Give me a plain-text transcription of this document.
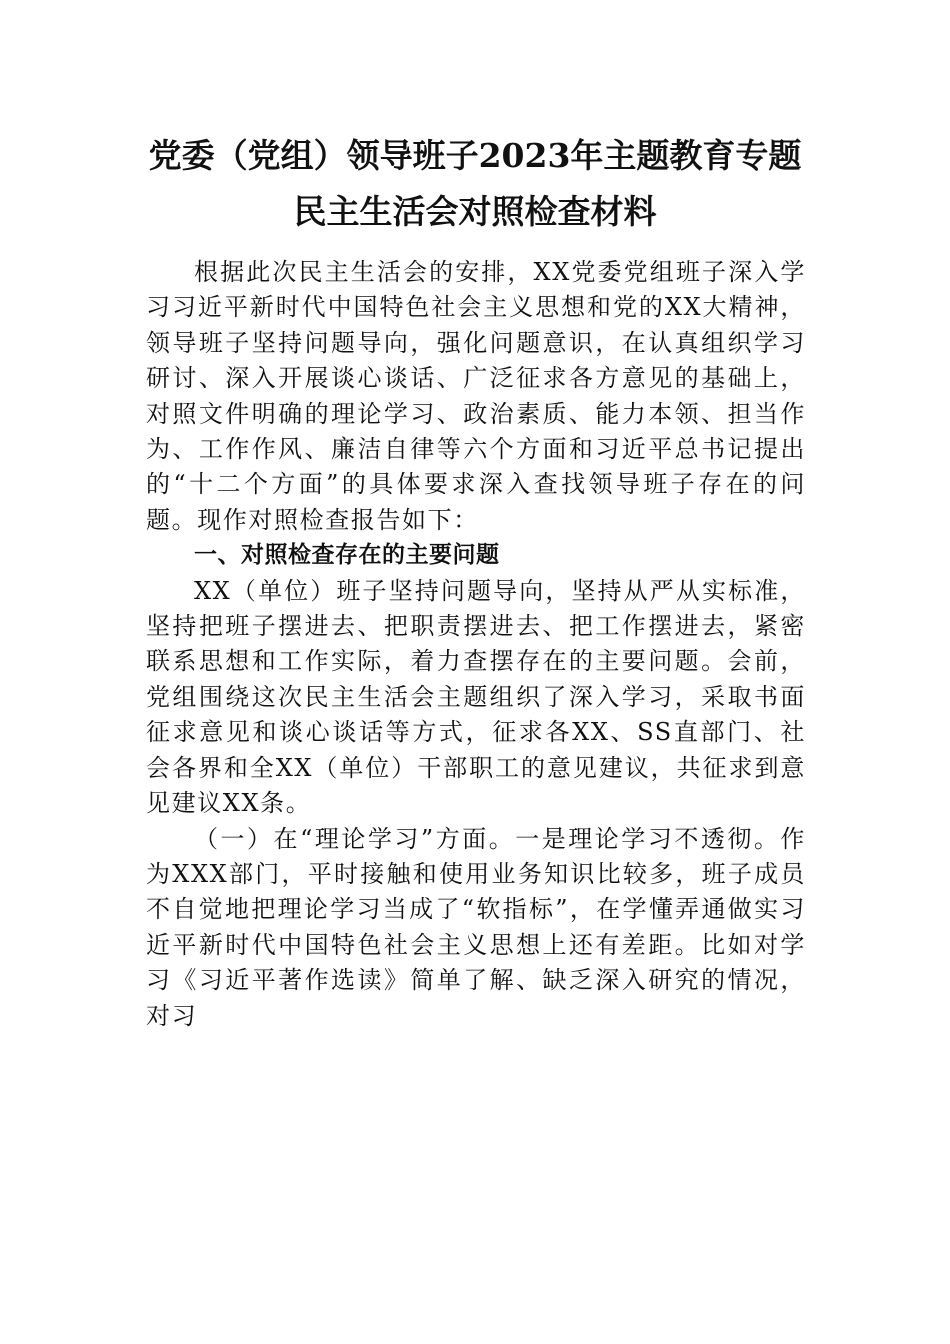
党委（党组）领导班子2023年主题教育专题民主生活会对照检查材料

根据此次民主生活会的安排，XX党委党组班子深入学习习近平新时代中国特色社会主义思想和党的XX大精神，领导班子坚持问题导向，强化问题意识，在认真组织学习研讨、深入开展谈心谈话、广泛征求各方意见的基础上，对照文件明确的理论学习、政治素质、能力本领、担当作为、工作作风、廉洁自律等六个方面和习近平总书记提出的“十二个方面”的具体要求深入查找领导班子存在的问题。现作对照检查报告如下：

一、对照检查存在的主要问题

XX（单位）班子坚持问题导向，坚持从严从实标准，坚持把班子摆进去、把职责摆进去、把工作摆进去，紧密联系思想和工作实际，着力查摆存在的主要问题。会前，党组围绕这次民主生活会主题组织了深入学习，采取书面征求意见和谈心谈话等方式，征求各XX、SS直部门、社会各界和全XX（单位）干部职工的意见建议，共征求到意见建议XX条。

（一）在“理论学习”方面。一是理论学习不透彻。作为XXX部门，平时接触和使用业务知识比较多，班子成员不自觉地把理论学习当成了“软指标”，在学懂弄通做实习近平新时代中国特色社会主义思想上还有差距。比如对学习《习近平著作选读》简单了解、缺乏深入研究的情况，对习
